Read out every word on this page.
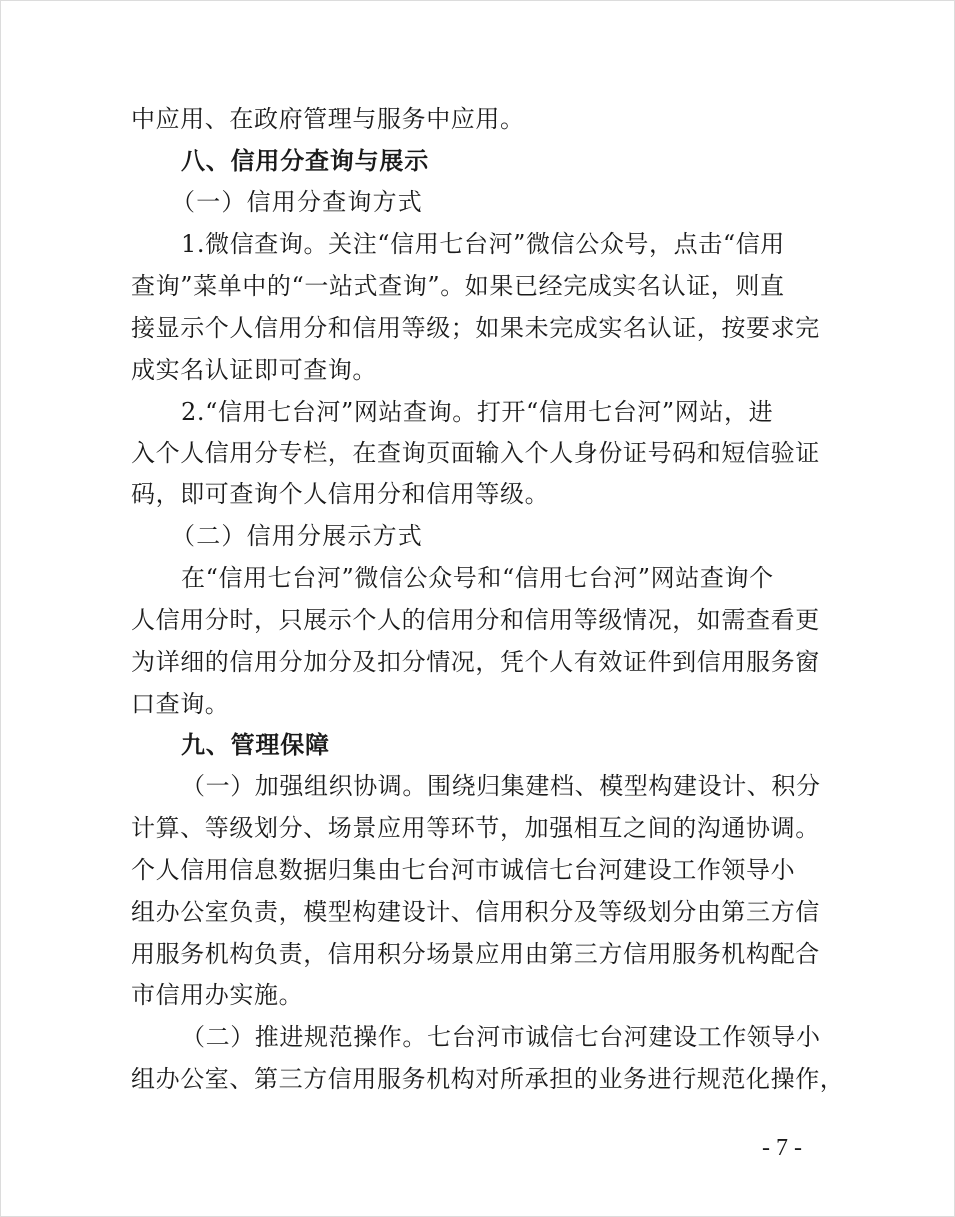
中应用、在政府管理与服务中应用。
八、信用分查询与展示
（一）信用分查询方式
1.微信查询。关注“信用七台河”微信公众号，点击“信用
查询”菜单中的“一站式查询”。如果已经完成实名认证，则直
接显示个人信用分和信用等级；如果未完成实名认证，按要求完
成实名认证即可查询。
2.“信用七台河”网站查询。打开“信用七台河”网站，进
入个人信用分专栏，在查询页面输入个人身份证号码和短信验证
码，即可查询个人信用分和信用等级。
（二）信用分展示方式
在“信用七台河”微信公众号和“信用七台河”网站查询个
人信用分时，只展示个人的信用分和信用等级情况，如需查看更
为详细的信用分加分及扣分情况，凭个人有效证件到信用服务窗
口查询。
九、管理保障
（一）加强组织协调。围绕归集建档、模型构建设计、积分
计算、等级划分、场景应用等环节，加强相互之间的沟通协调。
个人信用信息数据归集由七台河市诚信七台河建设工作领导小
组办公室负责，模型构建设计、信用积分及等级划分由第三方信
用服务机构负责，信用积分场景应用由第三方信用服务机构配合
市信用办实施。
（二）推进规范操作。七台河市诚信七台河建设工作领导小
组办公室、第三方信用服务机构对所承担的业务进行规范化操作，
- 7 -
